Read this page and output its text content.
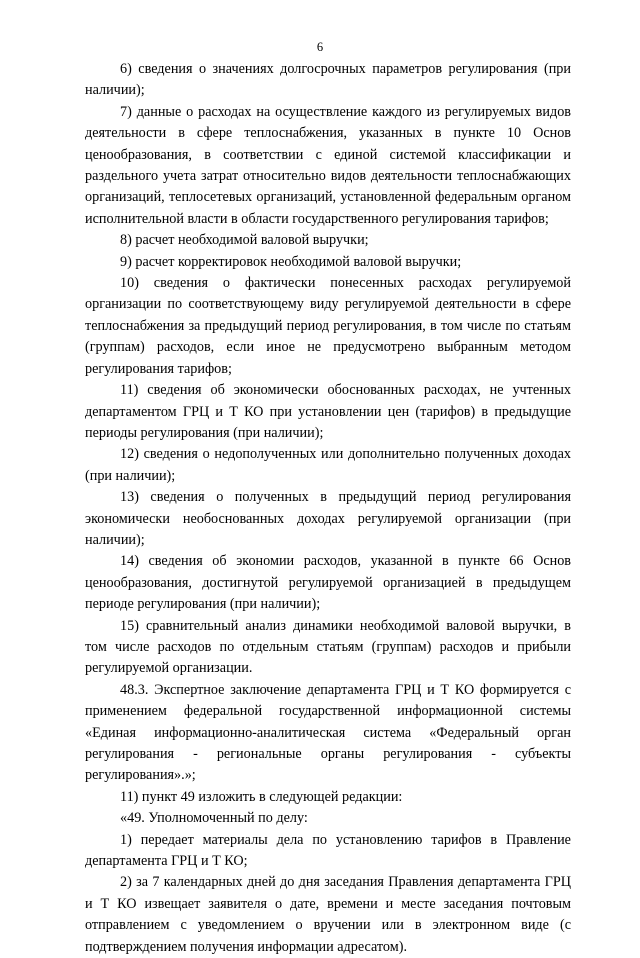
6

6) сведения о значениях долгосрочных параметров регулирования (при наличии);

7) данные о расходах на осуществление каждого из регулируемых видов деятельности в сфере теплоснабжения, указанных в пункте 10 Основ ценообразования, в соответствии с единой системой классификации и раздельного учета затрат относительно видов деятельности теплоснабжающих организаций, теплосетевых организаций, установленной федеральным органом исполнительной власти в области государственного регулирования тарифов;

8) расчет необходимой валовой выручки;

9) расчет корректировок необходимой валовой выручки;

10) сведения о фактически понесенных расходах регулируемой организации по соответствующему виду регулируемой деятельности в сфере теплоснабжения за предыдущий период регулирования, в том числе по статьям (группам) расходов, если иное не предусмотрено выбранным методом регулирования тарифов;

11) сведения об экономически обоснованных расходах, не учтенных департаментом ГРЦ и Т КО при установлении цен (тарифов) в предыдущие периоды регулирования (при наличии);

12) сведения о недополученных или дополнительно полученных доходах (при наличии);

13) сведения о полученных в предыдущий период регулирования экономически необоснованных доходах регулируемой организации (при наличии);

14) сведения об экономии расходов, указанной в пункте 66 Основ ценообразования, достигнутой регулируемой организацией в предыдущем периоде регулирования (при наличии);

15) сравнительный анализ динамики необходимой валовой выручки, в том числе расходов по отдельным статьям (группам) расходов и прибыли регулируемой организации.

48.3. Экспертное заключение департамента ГРЦ и Т КО формируется с применением федеральной государственной информационной системы «Единая информационно-аналитическая система «Федеральный орган регулирования - региональные органы регулирования - субъекты регулирования».»;

11) пункт 49 изложить в следующей редакции:

«49. Уполномоченный по делу:

1) передает материалы дела по установлению тарифов в Правление департамента ГРЦ и Т КО;

2) за 7 календарных дней до дня заседания Правления департамента ГРЦ и Т КО извещает заявителя о дате, времени и месте заседания почтовым отправлением с уведомлением о вручении или в электронном виде (с подтверждением получения информации адресатом).
